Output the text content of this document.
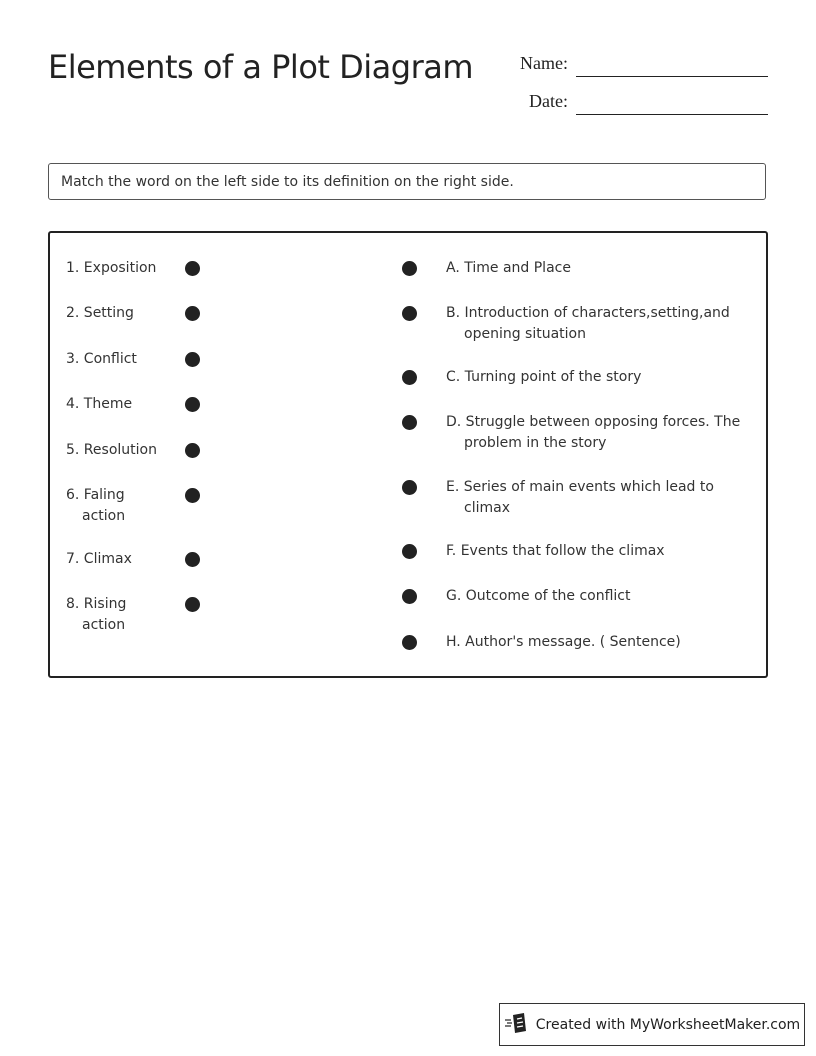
Elements of a Plot Diagram	Name:
Date:
Match the word on the left side to its definition on the right side.
1. Exposition
2. Setting
3. Conflict
4. Theme
5. Resolution
6. Faling
action
7. Climax
8. Rising
action
A. Time and Place
B. Introduction of characters,setting,and
opening situation
C. Turning point of the story
D. Struggle between opposing forces. The
problem in the story
E. Series of main events which lead to
climax
F. Events that follow the climax
G. Outcome of the conflict
H. Author's message. ( Sentence)
Created with MyWorksheetMaker.com
